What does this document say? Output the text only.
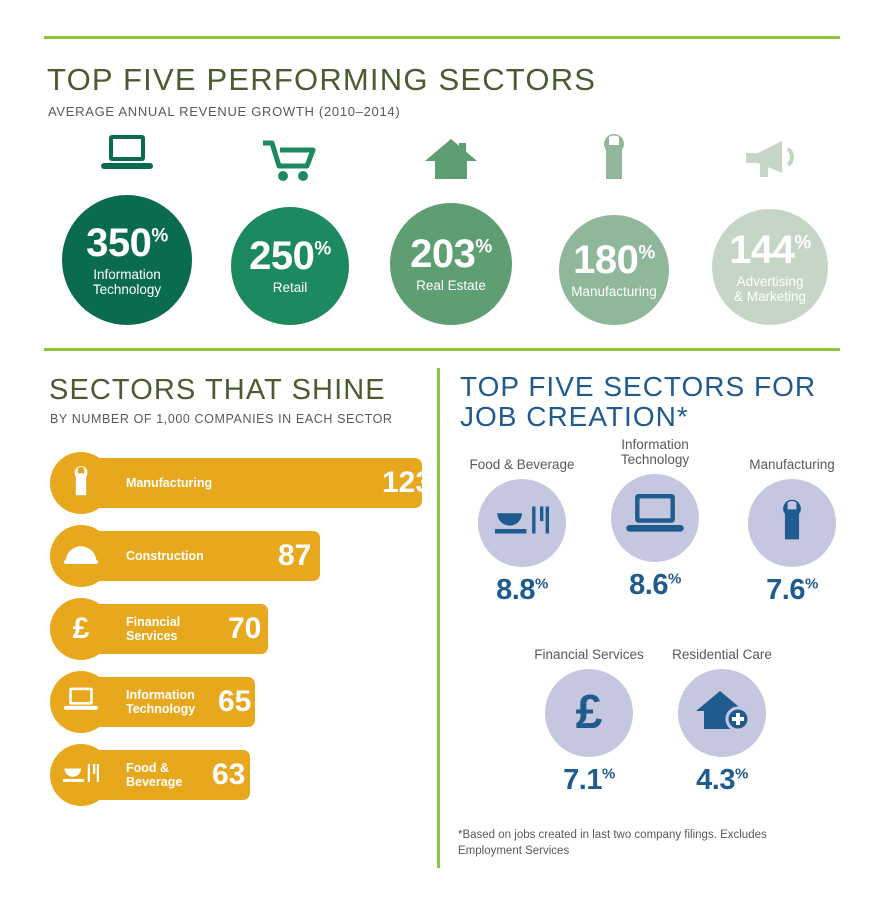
TOP FIVE PERFORMING SECTORS
AVERAGE ANNUAL REVENUE GROWTH (2010–2014)
350%
Information
Technology
250%
Retail
203%
Real Estate
180%
Manufacturing
144%
Advertising
& Marketing
SECTORS THAT SHINE
BY NUMBER OF 1,000 COMPANIES IN EACH SECTOR
Manufacturing	123
Construction	87
£	Financial
Services	70
Information
Technology 65
Food &
Beverage 63
TOP FIVE SECTORS FOR JOB CREATION*
Food & Beverage
8.8%
Information
Technology
8.6%
Manufacturing
7.6%
Financial Services
£
7.1%
Residential Care
4.3%
*Based on jobs created in last two company filings. Excludes Employment Services
